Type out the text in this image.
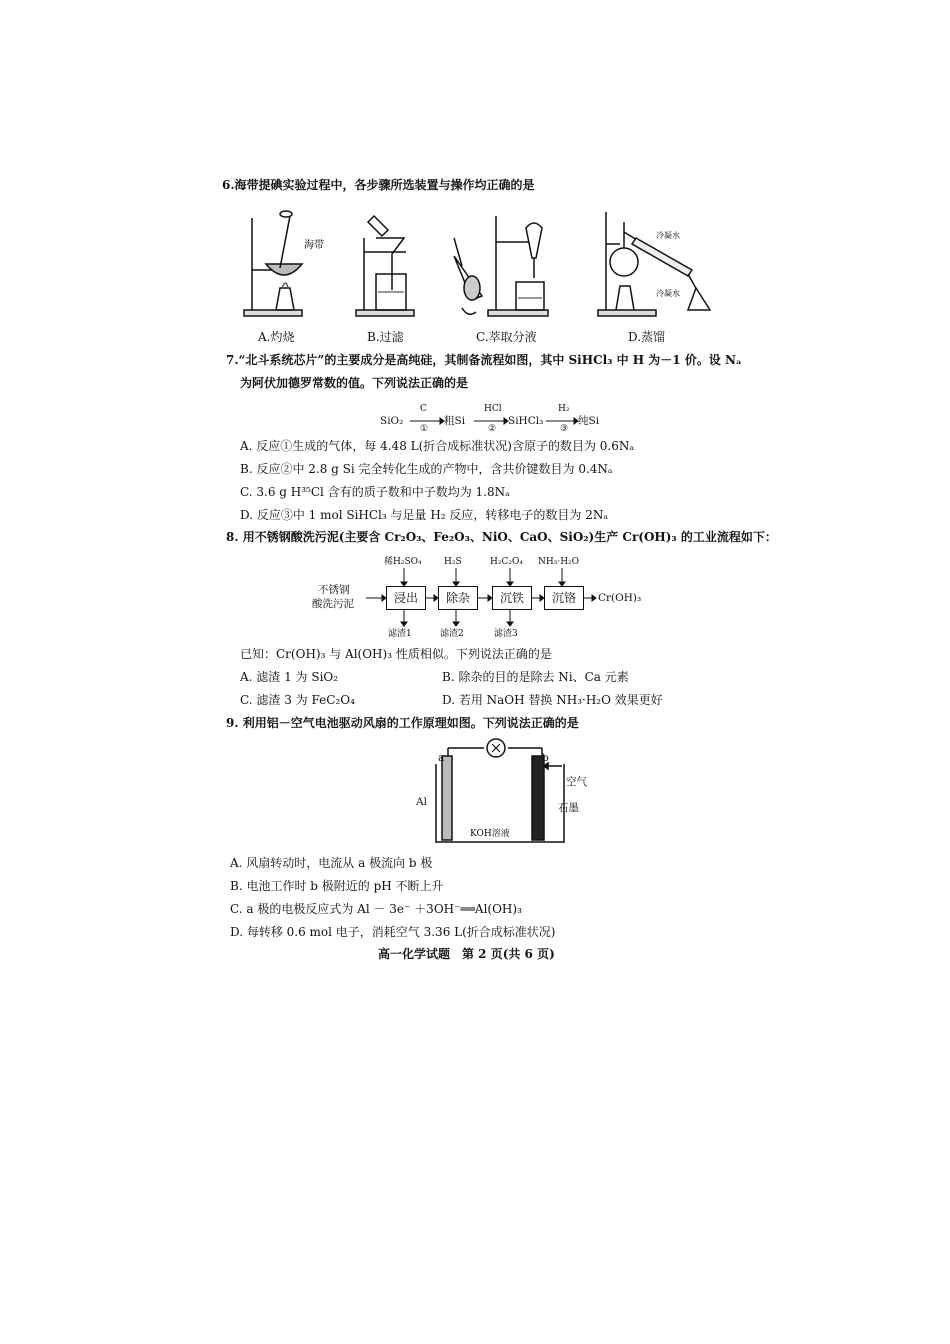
6.海带提碘实验过程中，各步骤所选装置与操作均正确的是
海带
冷凝水
冷凝水
A.灼烧	B.过滤	C.萃取分液	D.蒸馏
7.“北斗系统芯片”的主要成分是高纯硅，其制备流程如图，其中 SiHCl₃ 中 H 为－1 价。设 Nₐ
为阿伏加德罗常数的值。下列说法正确的是
SiO₂
C
①
粗Si
HCl
②
SiHCl₃
H₂
③
纯Si
A. 反应①生成的气体，每 4.48 L(折合成标准状况)含原子的数目为 0.6Nₐ
B. 反应②中 2.8 g Si 完全转化生成的产物中，含共价键数目为 0.4Nₐ
C. 3.6 g H³⁵Cl 含有的质子数和中子数均为 1.8Nₐ
D. 反应③中 1 mol SiHCl₃ 与足量 H₂ 反应，转移电子的数目为 2Nₐ
8. 用不锈钢酸洗污泥(主要含 Cr₂O₃、Fe₂O₃、NiO、CaO、SiO₂)生产 Cr(OH)₃ 的工业流程如下：
不锈钢
酸洗污泥	浸出	除杂	沉铁	沉铬
稀H₂SO₄ H₂S	H₂C₂O₄ NH₃·H₂O
Cr(OH)₃
滤渣1	滤渣2	滤渣3
已知：Cr(OH)₃ 与 Al(OH)₃ 性质相似。下列说法正确的是
A. 滤渣 1 为 SiO₂	B. 除杂的目的是除去 Ni、Ca 元素
C. 滤渣 3 为 FeC₂O₄	D. 若用 NaOH 替换 NH₃·H₂O 效果更好
9. 利用铝－空气电池驱动风扇的工作原理如图。下列说法正确的是
a	b
Al
空气
石墨
KOH溶液
A. 风扇转动时，电流从 a 极流向 b 极
B. 电池工作时 b 极附近的 pH 不断上升
C. a 极的电极反应式为 Al － 3e⁻ ＋3OH⁻══Al(OH)₃
D. 每转移 0.6 mol 电子，消耗空气 3.36 L(折合成标准状况)
高一化学试题　第 2 页(共 6 页)
